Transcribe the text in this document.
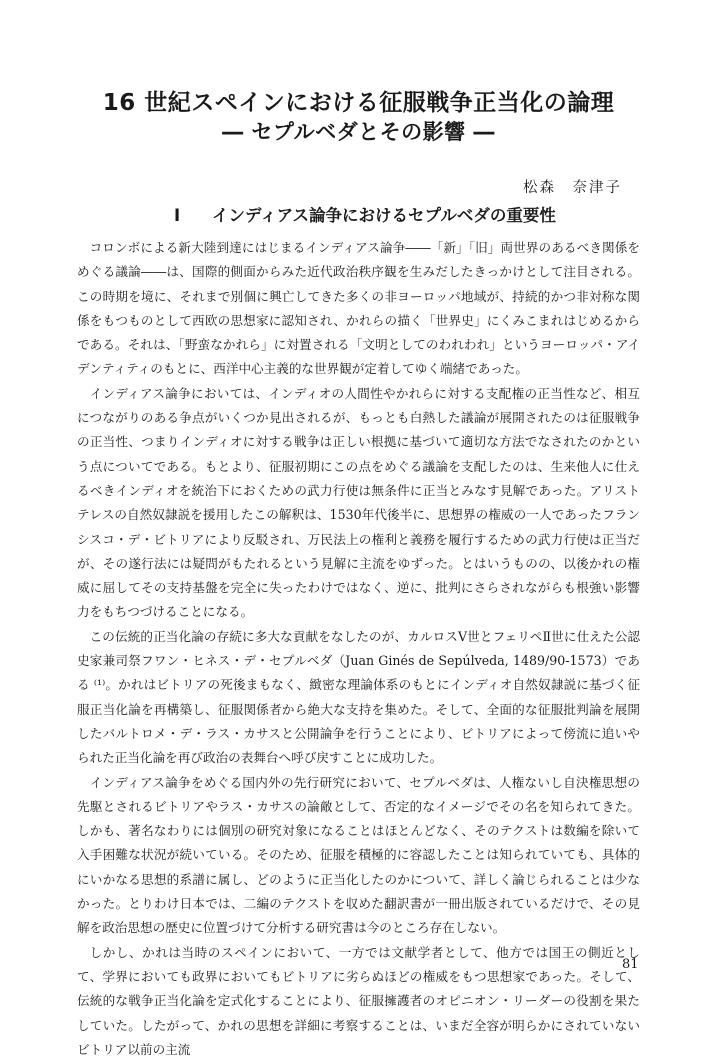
16 世紀スペインにおける征服戦争正当化の論理
― セプルベダとその影響 ―
松森　奈津子
I インディアス論争におけるセプルベダの重要性

コロンボによる新大陸到達にはじまるインディアス論争――「新」「旧」両世界のあるべき関係をめぐる議論――は、国際的側面からみた近代政治秩序観を生みだしたきっかけとして注目される。この時期を境に、それまで別個に興亡してきた多くの非ヨーロッパ地域が、持続的かつ非対称な関係をもつものとして西欧の思想家に認知され、かれらの描く「世界史」にくみこまれはじめるからである。それは、「野蛮なかれら」に対置される「文明としてのわれわれ」というヨーロッパ・アイデンティティのもとに、西洋中心主義的な世界観が定着してゆく端緒であった。

インディアス論争においては、インディオの人間性やかれらに対する支配権の正当性など、相互につながりのある争点がいくつか見出されるが、もっとも白熱した議論が展開されたのは征服戦争の正当性、つまりインディオに対する戦争は正しい根拠に基づいて適切な方法でなされたのかという点についてである。もとより、征服初期にこの点をめぐる議論を支配したのは、生来他人に仕えるべきインディオを統治下におくための武力行使は無条件に正当とみなす見解であった。アリストテレスの自然奴隷説を援用したこの解釈は、1530年代後半に、思想界の権威の一人であったフランシスコ・デ・ビトリアにより反駁され、万民法上の権利と義務を履行するための武力行使は正当だが、その遂行法には疑問がもたれるという見解に主流をゆずった。とはいうものの、以後かれの権威に屈してその支持基盤を完全に失ったわけではなく、逆に、批判にさらされながらも根強い影響力をもちつづけることになる。

この伝統的正当化論の存続に多大な貢献をなしたのが、カルロスⅤ世とフェリペⅡ世に仕えた公認史家兼司祭フワン・ヒネス・デ・セプルベダ（Juan Ginés de Sepúlveda, 1489/90-1573）である ⁽¹⁾。かれはビトリアの死後まもなく、緻密な理論体系のもとにインディオ自然奴隷説に基づく征服正当化論を再構築し、征服関係者から絶大な支持を集めた。そして、全面的な征服批判論を展開したバルトロメ・デ・ラス・カサスと公開論争を行うことにより、ビトリアによって傍流に追いやられた正当化論を再び政治の表舞台へ呼び戻すことに成功した。

インディアス論争をめぐる国内外の先行研究において、セプルベダは、人権ないし自決権思想の先駆とされるビトリアやラス・カサスの論敵として、否定的なイメージでその名を知られてきた。しかも、著名なわりには個別の研究対象になることはほとんどなく、そのテクストは数編を除いて入手困難な状況が続いている。そのため、征服を積極的に容認したことは知られていても、具体的にいかなる思想的系譜に属し、どのように正当化したのかについて、詳しく論じられることは少なかった。とりわけ日本では、二編のテクストを収めた翻訳書が一冊出版されているだけで、その見解を政治思想の歴史に位置づけて分析する研究書は今のところ存在しない。

しかし、かれは当時のスペインにおいて、一方では文献学者として、他方では国王の側近として、学界においても政界においてもビトリアに劣らぬほどの権威をもつ思想家であった。そして、伝統的な戦争正当化論を定式化することにより、征服擁護者のオピニオン・リーダーの役割を果たしていた。したがって、かれの思想を詳細に考察することは、いまだ全容が明らかにされていないビトリア以前の主流

81
